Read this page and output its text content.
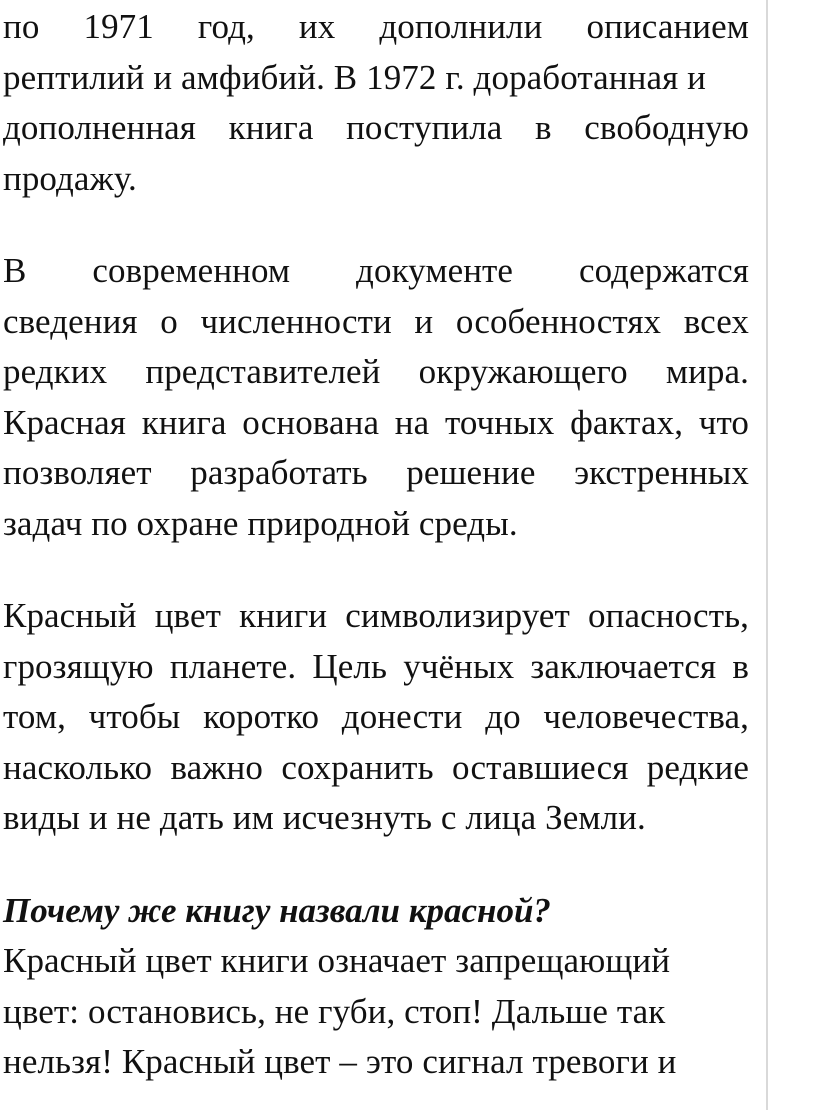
по 1971 год, их дополнили описанием
рептилий и амфибий. В 1972 г. доработанная и
дополненная книга поступила в свободную
продажу.
В современном документе содержатся
сведения о численности и особенностях всех
редких представителей окружающего мира.
Красная книга основана на точных фактах, что
позволяет разработать решение экстренных
задач по охране природной среды.
Красный цвет книги символизирует опасность,
грозящую планете. Цель учёных заключается в
том, чтобы коротко донести до человечества,
насколько важно сохранить оставшиеся редкие
виды и не дать им исчезнуть с лица Земли.
Почему же книгу назвали красной?
Красный цвет книги означает запрещающий
цвет: остановись, не губи, стоп! Дальше так
нельзя! Красный цвет – это сигнал тревоги и
